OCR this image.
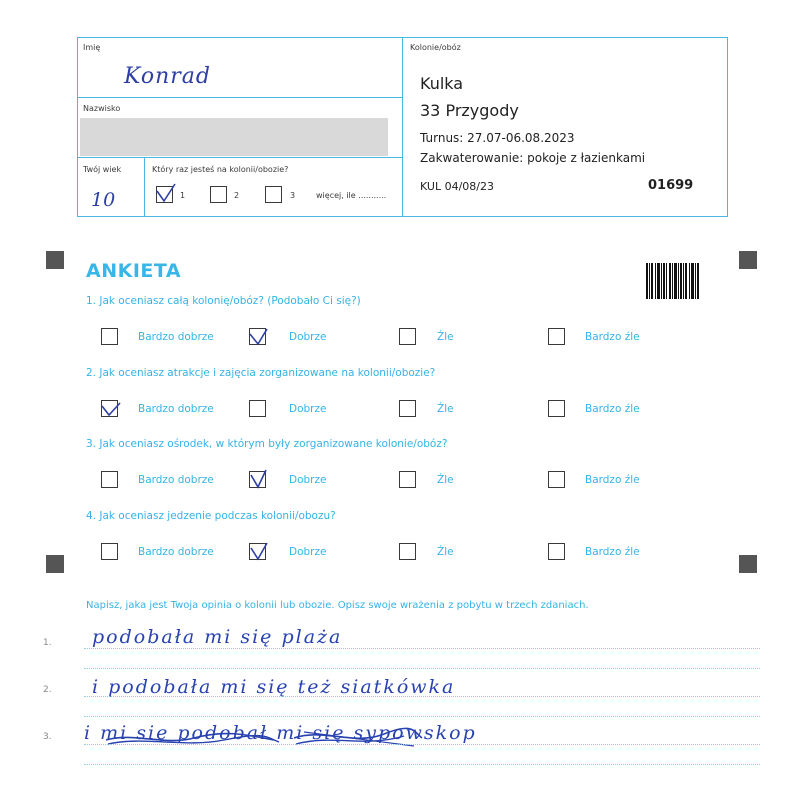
Imię
Konrad
Nazwisko
Twój wiek
10
Który raz jesteś na kolonii/obozie?
1	2	3	więcej, ile ...........
Kolonie/obóz
Kulka
33 Przygody
Turnus: 27.07-06.08.2023
Zakwaterowanie: pokoje z łazienkami
KUL 04/08/23	01699
ANKIETA
1. Jak oceniasz całą kolonię/obóz? (Podobało Ci się?)
Bardzo dobrze	Dobrze	Źle	Bardzo źle
2. Jak oceniasz atrakcje i zajęcia zorganizowane na kolonii/obozie?
Bardzo dobrze	Dobrze	Źle	Bardzo źle
3. Jak oceniasz ośrodek, w którym były zorganizowane kolonie/obóz?
Bardzo dobrze	Dobrze	Źle	Bardzo źle
4. Jak oceniasz jedzenie podczas kolonii/obozu?
Bardzo dobrze	Dobrze	Źle	Bardzo źle
Napisz, jaka jest Twoja opinia o kolonii lub obozie. Opisz swoje wrażenia z pobytu w trzech zdaniach.
1. podobała mi się plaża
2. i podobała mi się też siatkówka
3. i mi się podobał mi się sypowskop
